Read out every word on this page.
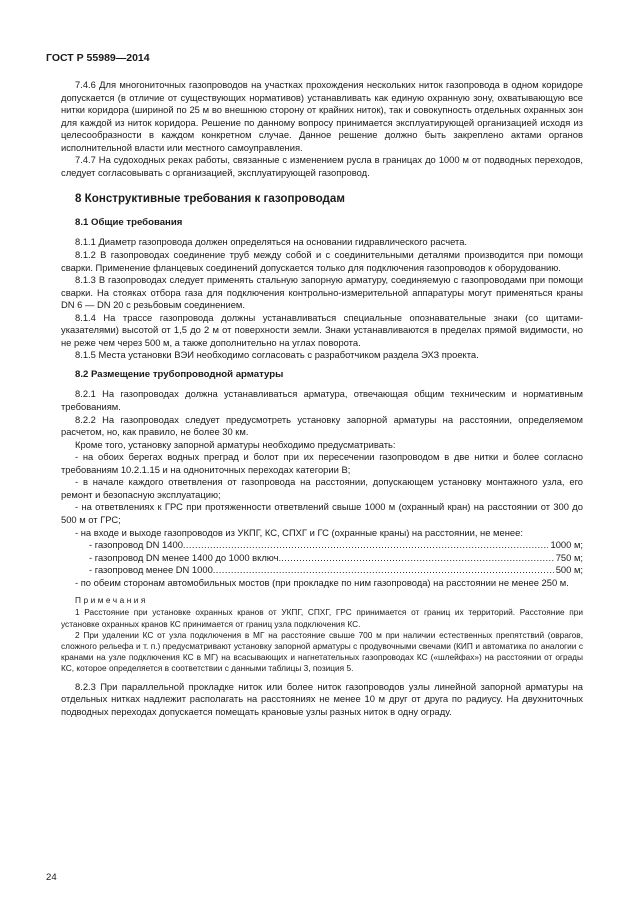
ГОСТ Р 55989—2014

7.4.6 Для многониточных газопроводов на участках прохождения нескольких ниток газопровода в одном коридоре допускается (в отличие от существующих нормативов) устанавливать как единую охранную зону, охватывающую все нитки коридора (шириной по 25 м во внешнюю сторону от крайних ниток), так и совокупность отдельных охранных зон для каждой из ниток коридора. Решение по данному вопросу принимается эксплуатирующей организацией исходя из целесообразности в каждом конкретном случае. Данное решение должно быть закреплено актами органов исполнительной власти или местного самоуправления.

7.4.7 На судоходных реках работы, связанные с изменением русла в границах до 1000 м от подводных переходов, следует согласовывать с организацией, эксплуатирующей газопровод.

8 Конструктивные требования к газопроводам
8.1 Общие требования

8.1.1 Диаметр газопровода должен определяться на основании гидравлического расчета.

8.1.2 В газопроводах соединение труб между собой и с соединительными деталями производится при помощи сварки. Применение фланцевых соединений допускается только для подключения газопроводов к оборудованию.

8.1.3 В газопроводах следует применять стальную запорную арматуру, соединяемую с газопроводами при помощи сварки. На стояках отбора газа для подключения контрольно-измерительной аппаратуры могут применяться краны DN 6 — DN 20 с резьбовым соединением.

8.1.4 На трассе газопровода должны устанавливаться специальные опознавательные знаки (со щитами-указателями) высотой от 1,5 до 2 м от поверхности земли. Знаки устанавливаются в пределах прямой видимости, но не реже чем через 500 м, а также дополнительно на углах поворота.

8.1.5 Места установки ВЭИ необходимо согласовать с разработчиком раздела ЭХЗ проекта.

8.2 Размещение трубопроводной арматуры

8.2.1 На газопроводах должна устанавливаться арматура, отвечающая общим техническим и нормативным требованиям.

8.2.2 На газопроводах следует предусмотреть установку запорной арматуры на расстоянии, определяемом расчетом, но, как правило, не более 30 км.

Кроме того, установку запорной арматуры необходимо предусматривать:

- на обоих берегах водных преград и болот при их пересечении газопроводом в две нитки и более согласно требованиям 10.2.1.15 и на однониточных переходах категории В;

- в начале каждого ответвления от газопровода на расстоянии, допускающем установку монтажного узла, его ремонт и безопасную эксплуатацию;

- на ответвлениях к ГРС при протяженности ответвлений свыше 1000 м (охранный кран) на расстоянии от 300 до 500 м от ГРС;

- на входе и выходе газопроводов из УКПГ, КС, СПХГ и ГС (охранные краны) на расстоянии, не менее:

- газопровод DN 1400 .....	1000 м;
- газопровод DN менее 1400 до 1000 включ. .....	750 м;
- газопровод менее DN 1000 .....	500 м;

- по обеим сторонам автомобильных мостов (при прокладке по ним газопровода) на расстоянии не менее 250 м.

Примечания

1 Расстояние при установке охранных кранов от УКПГ, СПХГ, ГРС принимается от границ их территорий. Расстояние при установке охранных кранов КС принимается от границ узла подключения КС.

2 При удалении КС от узла подключения в МГ на расстояние свыше 700 м при наличии естественных препятствий (оврагов, сложного рельефа и т. п.) предусматривают установку запорной арматуры с продувочными свечами (КИП и автоматика по аналогии с кранами на узле подключения КС в МГ) на всасывающих и нагнетательных газопроводах КС («шлейфах») на расстоянии от ограды КС, которое определяется в соответствии с данными таблицы 3, позиция 5.

8.2.3 При параллельной прокладке ниток или более ниток газопроводов узлы линейной запорной арматуры на отдельных нитках надлежит располагать на расстояниях не менее 10 м друг от друга по радиусу. На двухниточных подводных переходах допускается помещать крановые узлы разных ниток в одну ограду.

24
